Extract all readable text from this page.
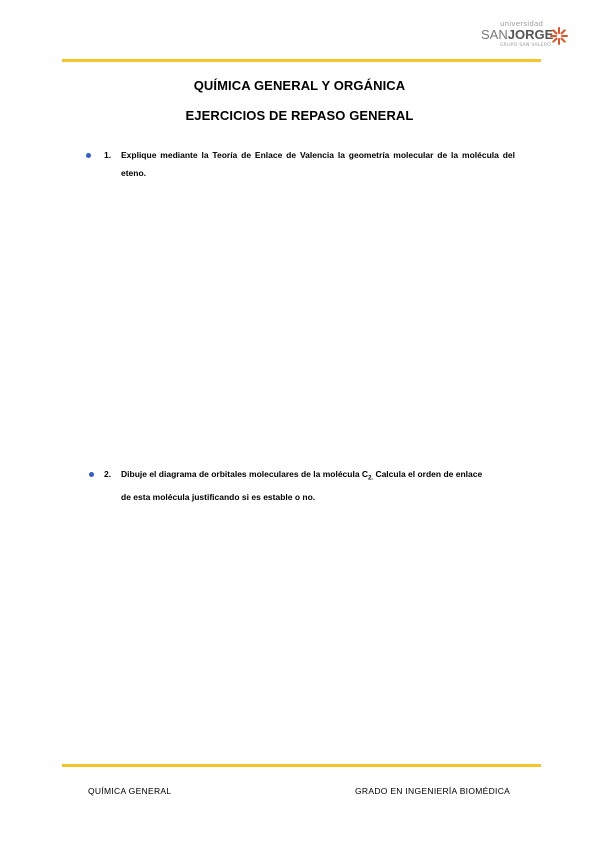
universidad
SANJORGE
GRUPO SAN VALERO
QUÍMICA GENERAL Y ORGÁNICA
EJERCICIOS DE REPASO GENERAL
1. Explique mediante la Teoría de Enlace de Valencia la geometría molecular de la molécula del
eteno.
2. Dibuje el diagrama de orbitales moleculares de la molécula $C_{2.}$ Calcula el orden de enlace
de esta molécula justificando si es estable o no.
QUÍMICA GENERAL	GRADO EN INGENIERÍA BIOMÉDICA
